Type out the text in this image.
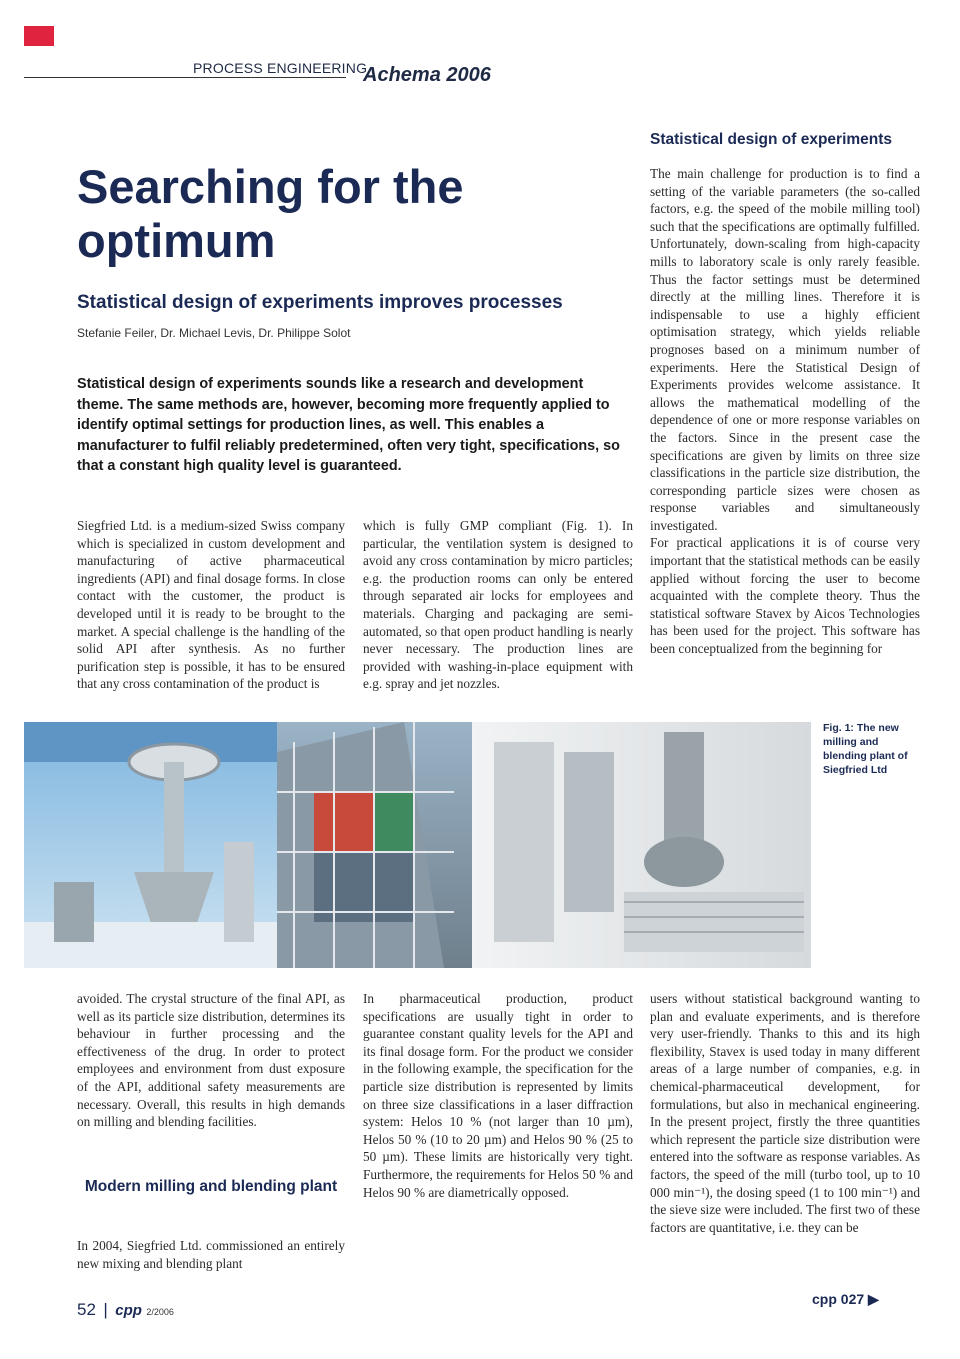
PROCESS ENGINEERING
Achema 2006
Searching for the
optimum
Statistical design of experiments improves processes
Stefanie Feiler, Dr. Michael Levis, Dr. Philippe Solot

Statistical design of experiments sounds like a research and development theme. The same methods are, however, becoming more frequently applied to identify optimal settings for production lines, as well. This enables a manufacturer to fulfil reliably predetermined, often very tight, specifications, so that a constant high quality level is guaranteed.

Siegfried Ltd. is a medium-sized Swiss company which is specialized in custom development and manufacturing of active pharmaceutical ingredients (API) and final dosage forms. In close contact with the customer, the product is developed until it is ready to be brought to the market. A special challenge is the handling of the solid API after synthesis. As no further purification step is possible, it has to be ensured that any cross contamination of the product is

which is fully GMP compliant (Fig. 1). In particular, the ventilation system is designed to avoid any cross contamination by micro particles; e.g. the production rooms can only be entered through separated air locks for employees and materials. Charging and packaging are semi-automated, so that open product handling is nearly never necessary. The production lines are provided with washing-in-place equipment with e.g. spray and jet nozzles.

Statistical design of experiments

The main challenge for production is to find a setting of the variable parameters (the so-called factors, e.g. the speed of the mobile milling tool) such that the specifications are optimally fulfilled. Unfortunately, down-scaling from high-capacity mills to laboratory scale is only rarely feasible. Thus the factor settings must be determined directly at the milling lines. Therefore it is indispensable to use a highly efficient optimisation strategy, which yields reliable prognoses based on a minimum number of experiments. Here the Statistical Design of Experiments provides welcome assistance. It allows the mathematical modelling of the dependence of one or more response variables on the factors. Since in the present case the specifications are given by limits on three size classifications in the particle size distribution, the corresponding particle sizes were chosen as response variables and simultaneously investigated.

For practical applications it is of course very important that the statistical methods can be easily applied without forcing the user to become acquainted with the complete theory. Thus the statistical software Stavex by Aicos Technologies has been used for the project. This software has been conceptualized from the beginning for

Fig. 1: The new milling and blending plant of Siegfried Ltd

avoided. The crystal structure of the final API, as well as its particle size distribution, determines its behaviour in further processing and the effectiveness of the drug. In order to protect employees and environment from dust exposure of the API, additional safety measurements are necessary. Overall, this results in high demands on milling and blending facilities.

Modern milling and blending plant

In 2004, Siegfried Ltd. commissioned an entirely new mixing and blending plant

In pharmaceutical production, product specifications are usually tight in order to guarantee constant quality levels for the API and its final dosage form. For the product we consider in the following example, the specification for the particle size distribution is represented by limits on three size classifications in a laser diffraction system: Helos 10 % (not larger than 10 µm), Helos 50 % (10 to 20 µm) and Helos 90 % (25 to 50 µm). These limits are historically very tight. Furthermore, the requirements for Helos 50 % and Helos 90 % are diametrically opposed.

users without statistical background wanting to plan and evaluate experiments, and is therefore very user-friendly. Thanks to this and its high flexibility, Stavex is used today in many different areas of a large number of companies, e.g. in chemical-pharmaceutical development, for formulations, but also in mechanical engineering. In the present project, firstly the three quantities which represent the particle size distribution were entered into the software as response variables. As factors, the speed of the mill (turbo tool, up to 10 000 min⁻¹), the dosing speed (1 to 100 min⁻¹) and the sieve size were included. The first two of these factors are quantitative, i.e. they can be

52 | cpp 2/2006
cpp 027 ▶
